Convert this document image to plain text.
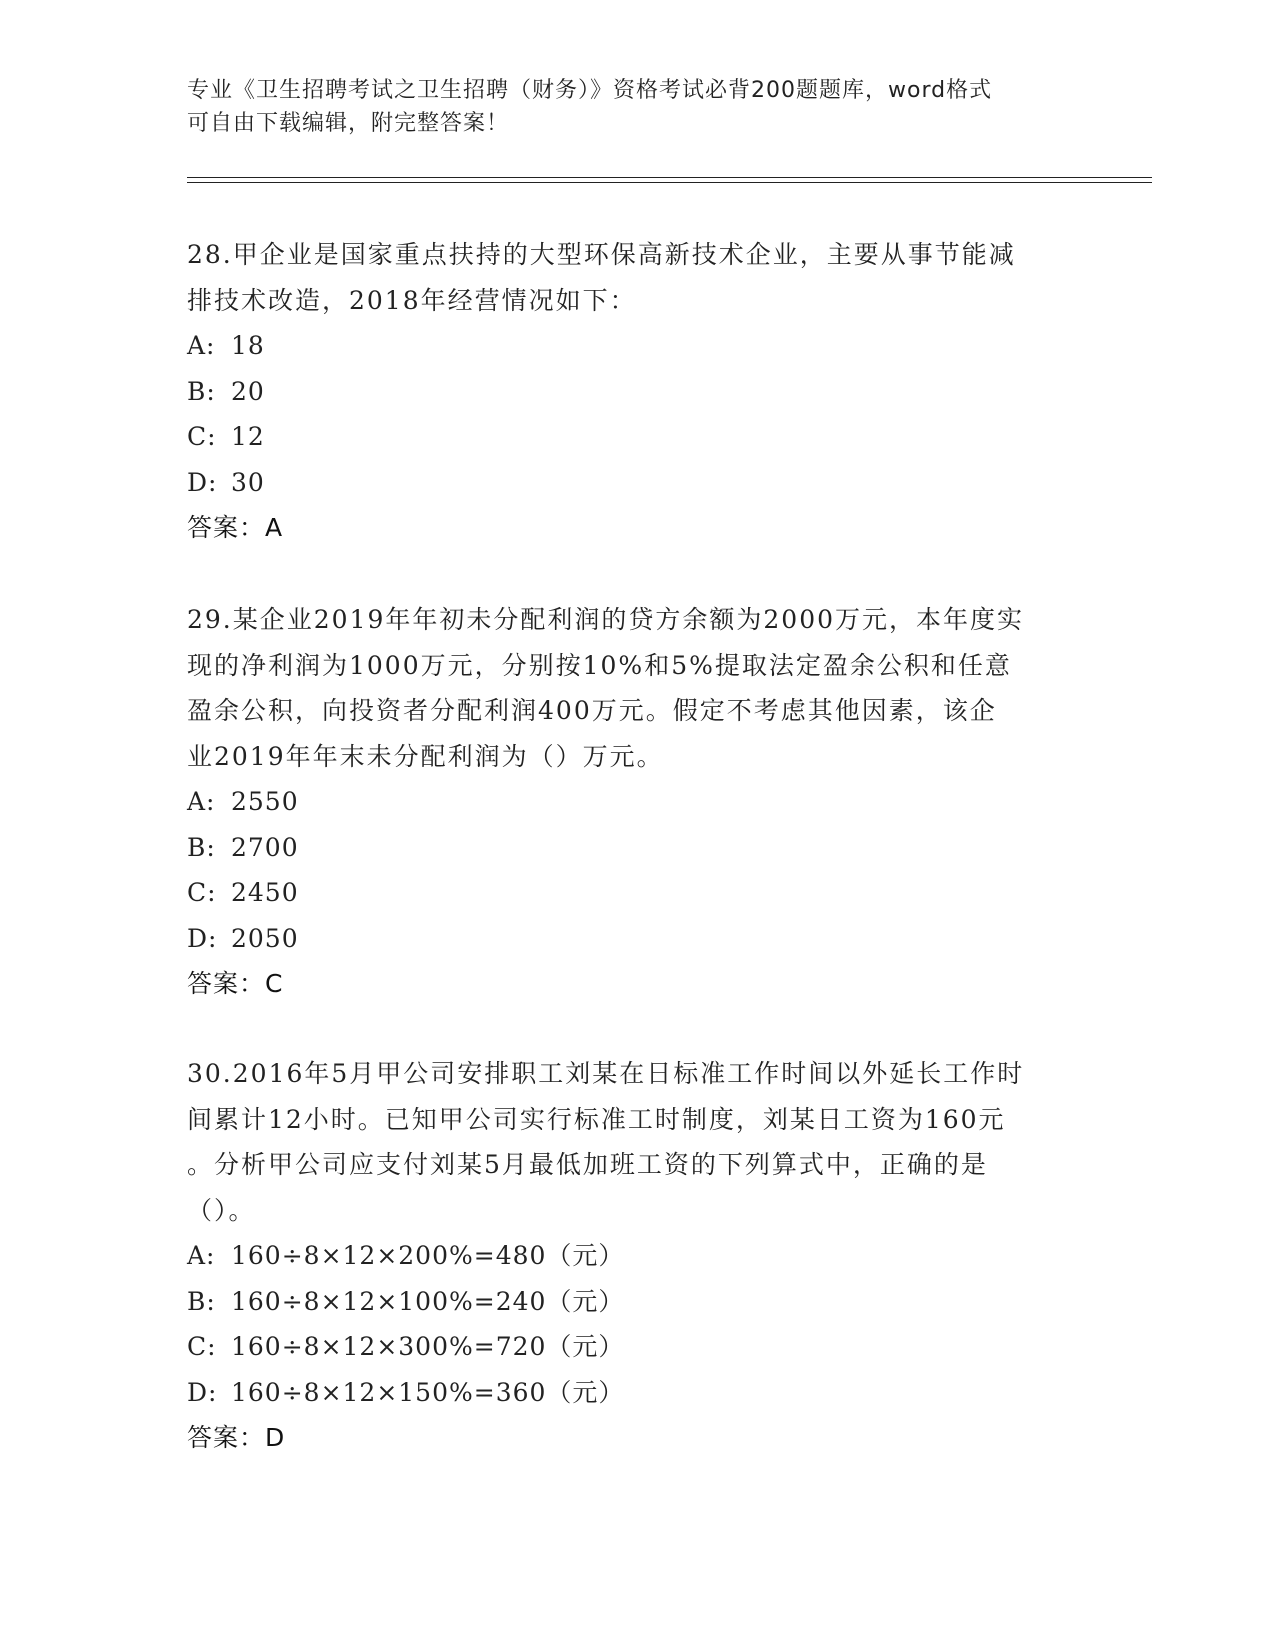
专业《卫生招聘考试之卫生招聘（财务）》资格考试必背200题题库，word格式
可自由下载编辑，附完整答案！
28.甲企业是国家重点扶持的大型环保高新技术企业，主要从事节能减
排技术改造，2018年经营情况如下：
A: 18
B: 20
C: 12
D: 30
答案：A
29.某企业2019年年初未分配利润的贷方余额为2000万元，本年度实
现的净利润为1000万元，分别按10%和5%提取法定盈余公积和任意
盈余公积，向投资者分配利润400万元。假定不考虑其他因素，该企
业2019年年末未分配利润为（）万元。
A: 2550
B: 2700
C: 2450
D: 2050
答案：C
30.2016年5月甲公司安排职工刘某在日标准工作时间以外延长工作时
间累计12小时。已知甲公司实行标准工时制度，刘某日工资为160元
。分析甲公司应支付刘某5月最低加班工资的下列算式中，正确的是
（）。
A: 160÷8×12×200%=480（元）
B: 160÷8×12×100%=240（元）
C: 160÷8×12×300%=720（元）
D: 160÷8×12×150%=360（元）
答案：D
